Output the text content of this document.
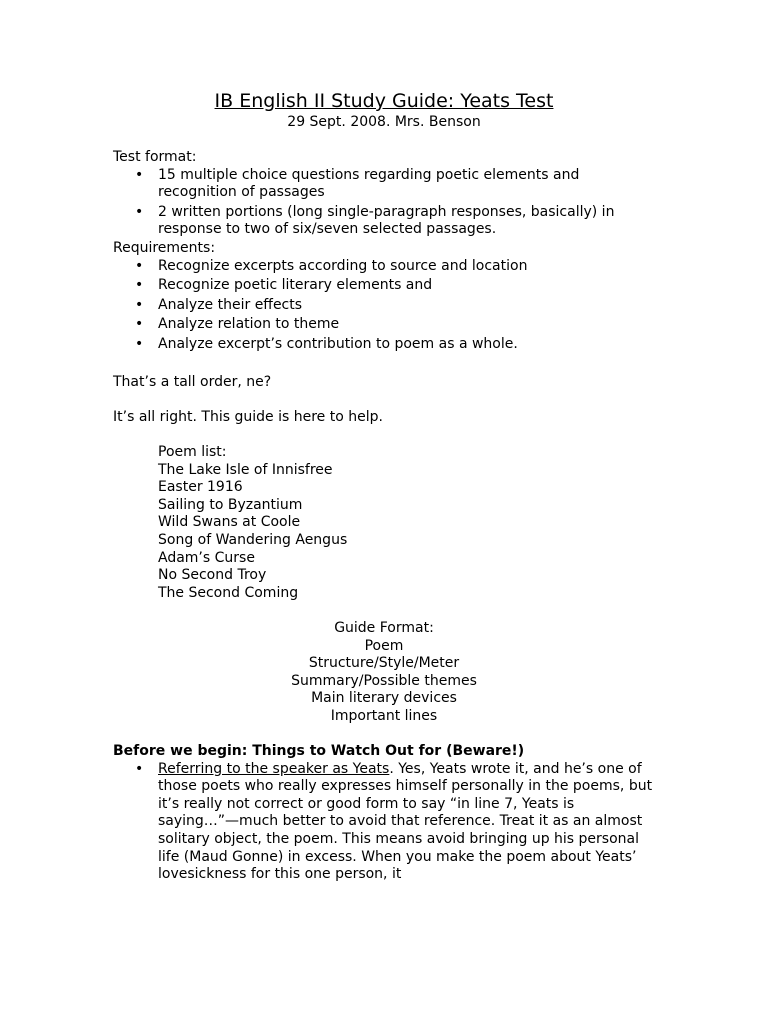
IB English II Study Guide: Yeats Test
29 Sept. 2008. Mrs. Benson

Test format:

• 15 multiple choice questions regarding poetic elements and recognition of passages
• 2 written portions (long single-paragraph responses, basically) in response to two of six/seven selected passages.

Requirements:

• Recognize excerpts according to source and location
• Recognize poetic literary elements and
• Analyze their effects
• Analyze relation to theme
• Analyze excerpt’s contribution to poem as a whole.

That’s a tall order, ne?

It’s all right. This guide is here to help.

Poem list:

The Lake Isle of Innisfree

Easter 1916

Sailing to Byzantium

Wild Swans at Coole

Song of Wandering Aengus

Adam’s Curse

No Second Troy

The Second Coming

Guide Format:

Poem

Structure/Style/Meter

Summary/Possible themes

Main literary devices

Important lines

Before we begin: Things to Watch Out for (Beware!)

• Referring to the speaker as Yeats. Yes, Yeats wrote it, and he’s one of those poets who really expresses himself personally in the poems, but it’s really not correct or good form to say “in line 7, Yeats is saying…”—much better to avoid that reference. Treat it as an almost solitary object, the poem. This means avoid bringing up his personal life (Maud Gonne) in excess. When you make the poem about Yeats’ lovesickness for this one person, it
